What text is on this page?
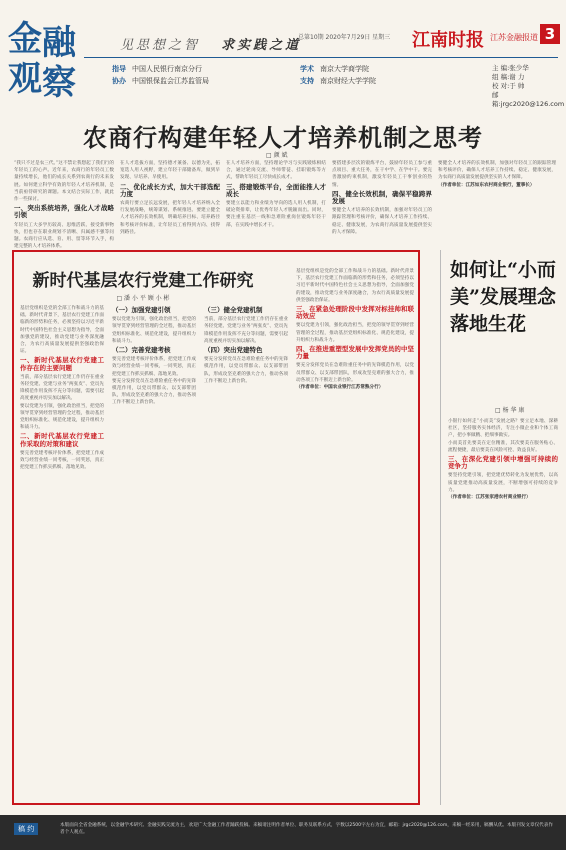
金 融
观 察
见思想之智 求实践之道
总第10期 2020年7月29日 星期三 江南时报 江苏金融报道 3
指导 中国人民银行南京分行
协办 中国银保监会江苏监管局
学术 南京大学商学院
支持 南京财经大学学院
主 编:张少华
组 稿:谢 力
校 对:于 帅
邮 箱:jrgc2020@126.com
农商行构建年轻人才培养机制之思考
□ 颜 斌
“我只不过是农三代。”这不禁让我想起了我们行的年轻员工的心声。近年来，农商行的年轻员工数量持续增长，他们的成长关系到农商行的未来发展。如何建立科学有效的年轻人才培养机制，是当前亟待研究的课题。本文结合实际工作，就此作一些探讨。
一、突出系统培养，强化人才战略引领
年轻员工大多学历较高、思维活跃、接受新事物快，但也存在职业规划不清晰、归属感不强等问题。农商行应从选、育、用、留等环节入手，构建完整的人才培养体系。
在人才选拔方面，坚持德才兼备、以德为先，拓宽选人用人视野，建立年轻干部储备库，做到早发现、早培养、早使用。
二、优化成长方式，加大干部选配力度
农商行要立足长远发展，把年轻人才培养纳入全行发展战略，统筹谋划、系统推进。要建立健全人才培养的长效机制，明确培养目标、培养路径和考核评价标准，让年轻员工看得到方向、找得到路径。
在人才培养方面，坚持理论学习与实践锻炼相结合，通过轮岗交流、导师带徒、挂职锻炼等方式，帮助年轻员工尽快成长成才。
三、搭建锻炼平台，全面能推人才成长
要建立以能力和业绩为导向的选人用人机制，打破论资排辈，让优秀年轻人才脱颖而出。同时，要注重在基层一线和急难险重岗位锻炼年轻干部，在实践中增长才干。
要搭建多层次的锻炼平台，鼓励年轻员工参与重点项目、重大任务，在干中学、在学中干。要完善激励约束机制，激发年轻员工干事创业的热情。
四、健全长效机制，确保平稳跨界发展
要健全人才培养的长效机制，加强对年轻员工的跟踪管理和考核评价，确保人才培养工作持续、稳定、健康发展，为农商行高质量发展提供坚实的人才保障。
要健全人才培养的长效机制，加强对年轻员工的跟踪管理和考核评价，确保人才培养工作持续、稳定、健康发展，为农商行高质量发展提供坚实的人才保障。
（作者单位：江苏如东农村商业银行，董事长）
新时代基层农行党建工作研究
□ 潘 小 平 顾 小 彬
基层党组织是党的全部工作和战斗力的基础。新时代背景下，基层农行党建工作面临新的形势和任务，必须坚持以习近平新时代中国特色社会主义思想为指导，全面加强党的建设，推动党建与业务深度融合，为农行高质量发展提供坚强政治保证。
一、新时代基层农行党建工作存在的主要问题
当前，部分基层农行党建工作仍存在重业务轻党建、党建与业务“两张皮”、党员先锋模范作用发挥不充分等问题，需要引起高度重视并切实加以解决。
要以党建为引领，强化政治担当，把党的领导贯穿到经营管理的全过程，推动基层党组织标准化、规范化建设，提升组织力和战斗力。
二、新时代基层农行党建工作采取的对策和建议
要完善党建考核评价体系，把党建工作成效与经营业绩一同考核，一同奖惩，真正把党建工作抓实抓细、落地见效。
（一）加强党建引领
要以党建为引领，强化政治担当，把党的领导贯穿到经营管理的全过程，推动基层党组织标准化、规范化建设，提升组织力和战斗力。
（二）完善党建考核
要完善党建考核评价体系，把党建工作成效与经营业绩一同考核，一同奖惩，真正把党建工作抓实抓细、落地见效。
要充分发挥党员在急难险重任务中的先锋模范作用，以党员带群众、以支部带团队，形成攻坚克难的强大合力，推动各项工作不断迈上新台阶。
（三）健全党建机制
当前，部分基层农行党建工作仍存在重业务轻党建、党建与业务“两张皮”、党员先锋模范作用发挥不充分等问题，需要引起高度重视并切实加以解决。
（四）突出党建特色
要充分发挥党员在急难险重任务中的先锋模范作用，以党员带群众、以支部带团队，形成攻坚克难的强大合力，推动各项工作不断迈上新台阶。
基层党组织是党的全部工作和战斗力的基础。新时代背景下，基层农行党建工作面临新的形势和任务，必须坚持以习近平新时代中国特色社会主义思想为指导，全面加强党的建设，推动党建与业务深度融合，为农行高质量发展提供坚强政治保证。
三、在紧急处理阶段中发挥对标挂帅和联动效应
要以党建为引领，强化政治担当，把党的领导贯穿到经营管理的全过程，推动基层党组织标准化、规范化建设，提升组织力和战斗力。
四、在推进重塑型发展中发挥党员的中坚力量
要充分发挥党员在急难险重任务中的先锋模范作用，以党员带群众、以支部带团队，形成攻坚克难的强大合力，推动各项工作不断迈上新台阶。
（作者单位：中国农业银行江苏常熟分行）
如何让“小而美”发展理念落地生花
□ 杨 华 康
小银行如何走“小而美”发展之路？要立足本地、深耕社区，坚持服务实体经济，专注小微企业和个体工商户，把小事做精、把细事做实。
小而美首先要美在定位精准，其次要美在服务贴心、流程便捷，最后要美在风险可控、效益良好。
三、在深化党建引领中增强可持续的竞争力
要坚持党建引领，把党建优势转化为发展优势，以高质量党建推动高质量发展，不断增强可持续的竞争力。
（作者单位：江苏张家港农村商业银行）
稿 约	本版面向全省金融系统，以金融学术研究、金融实践交流为主，欢迎广大金融工作者踊跃投稿。来稿请注明作者单位、职务及联系方式，字数以2500字左右为宜，邮箱：jrgc2020@126.com，来稿一经采用，稿酬从优。本版刊发文章仅代表作者个人观点。
